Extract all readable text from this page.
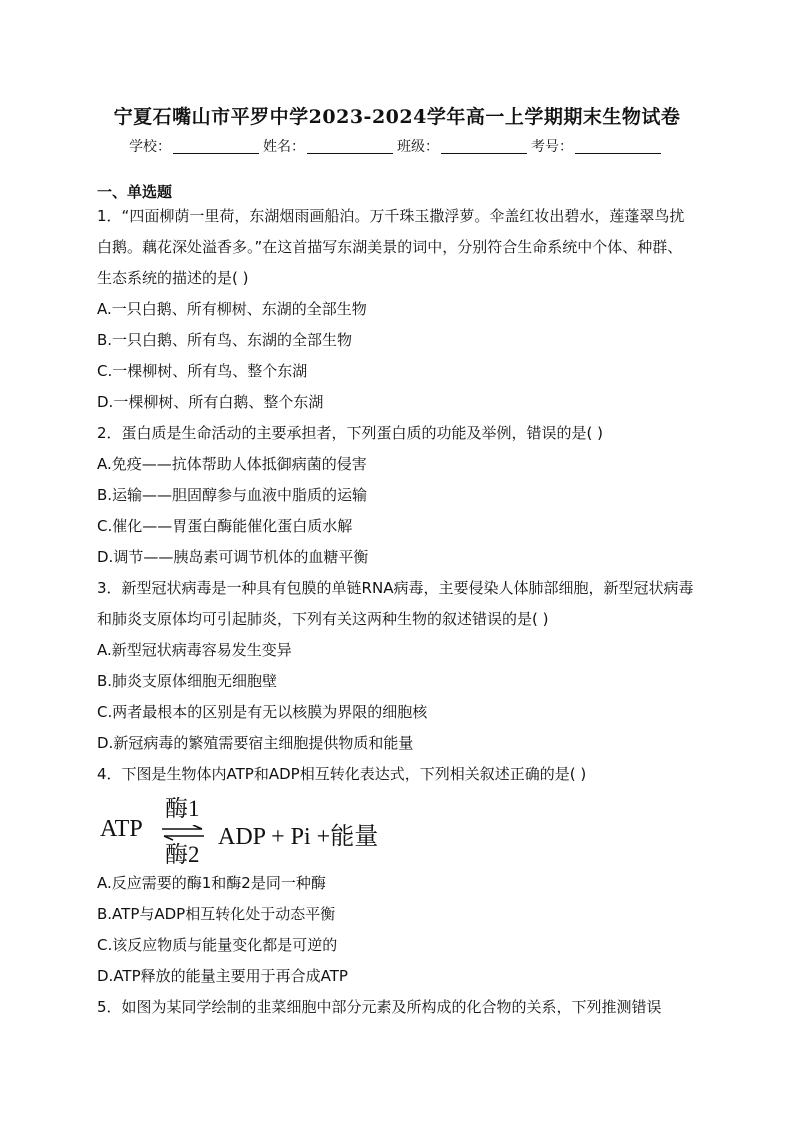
宁夏石嘴山市平罗中学2023-2024学年高一上学期期末生物试卷
学校：	姓名：	班级：	考号：
一、单选题
1．“四面柳荫一里荷，东湖烟雨画船泊。万千珠玉撒浮萝。伞盖红妆出碧水，莲蓬翠鸟扰白鹅。藕花深处溢香多。”在这首描写东湖美景的词中，分别符合生命系统中个体、种群、生态系统的描述的是( )
A.一只白鹅、所有柳树、东湖的全部生物
B.一只白鹅、所有鸟、东湖的全部生物
C.一棵柳树、所有鸟、整个东湖
D.一棵柳树、所有白鹅、整个东湖
2．蛋白质是生命活动的主要承担者，下列蛋白质的功能及举例，错误的是( )
A.免疫——抗体帮助人体抵御病菌的侵害
B.运输——胆固醇参与血液中脂质的运输
C.催化——胃蛋白酶能催化蛋白质水解
D.调节——胰岛素可调节机体的血糖平衡
3．新型冠状病毒是一种具有包膜的单链RNA病毒，主要侵染人体肺部细胞，新型冠状病毒和肺炎支原体均可引起肺炎，下列有关这两种生物的叙述错误的是( )
A.新型冠状病毒容易发生变异
B.肺炎支原体细胞无细胞壁
C.两者最根本的区别是有无以核膜为界限的细胞核
D.新冠病毒的繁殖需要宿主细胞提供物质和能量
4．下图是生物体内ATP和ADP相互转化表达式，下列相关叙述正确的是( )
ATP
酶1
酶2
ADP + Pi +能量
A.反应需要的酶1和酶2是同一种酶
B.ATP与ADP相互转化处于动态平衡
C.该反应物质与能量变化都是可逆的
D.ATP释放的能量主要用于再合成ATP
5．如图为某同学绘制的韭菜细胞中部分元素及所构成的化合物的关系，下列推测错误
